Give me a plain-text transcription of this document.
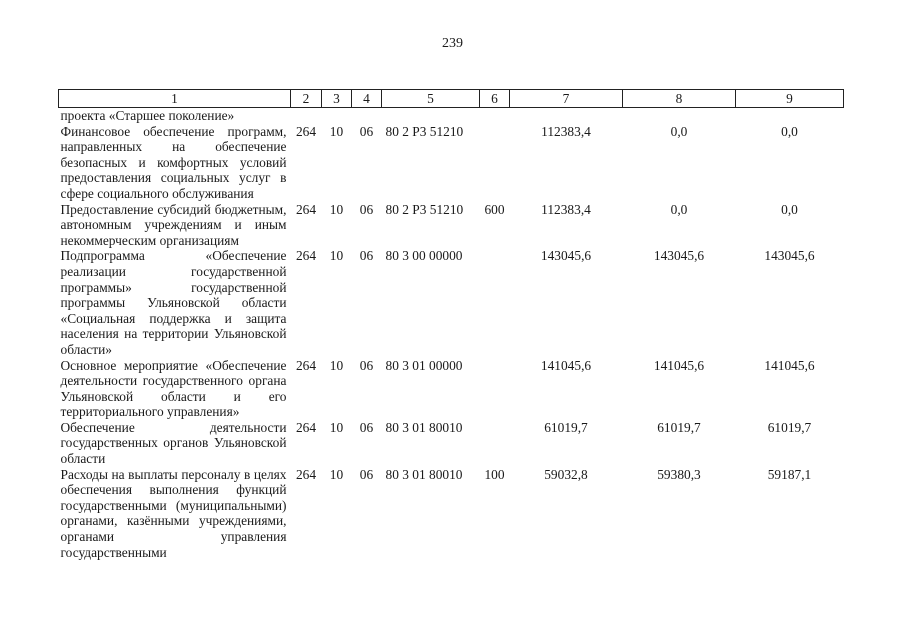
239
1	2	3	4	5	6	7	8	9
проекта «Старшее поколение»								
Финансовое обеспечение программ, направленных на обеспечение безопасных и комфортных условий предоставления социальных услуг в сфере социального обслуживания	264	10	06	80 2 P3 51210		112383,4	0,0	0,0
Предоставление субсидий бюджетным, автономным учреждениям и иным некоммерческим организациям	264	10	06	80 2 P3 51210	600	112383,4	0,0	0,0
Подпрограмма «Обеспечение реализации государственной программы» государственной программы Ульяновской области «Социальная поддержка и защита населения на территории Ульяновской области»	264	10	06	80 3 00 00000		143045,6	143045,6	143045,6
Основное мероприятие «Обеспечение деятельности государственного органа Ульяновской области и его территориального управления»	264	10	06	80 3 01 00000		141045,6	141045,6	141045,6
Обеспечение деятельности государственных органов Ульяновской области	264	10	06	80 3 01 80010		61019,7	61019,7	61019,7
Расходы на выплаты персоналу в целях обеспечения выполнения функций государственными (муниципальными) органами, казёнными учреждениями, органами управления государственными	264	10	06	80 3 01 80010	100	59032,8	59380,3	59187,1
